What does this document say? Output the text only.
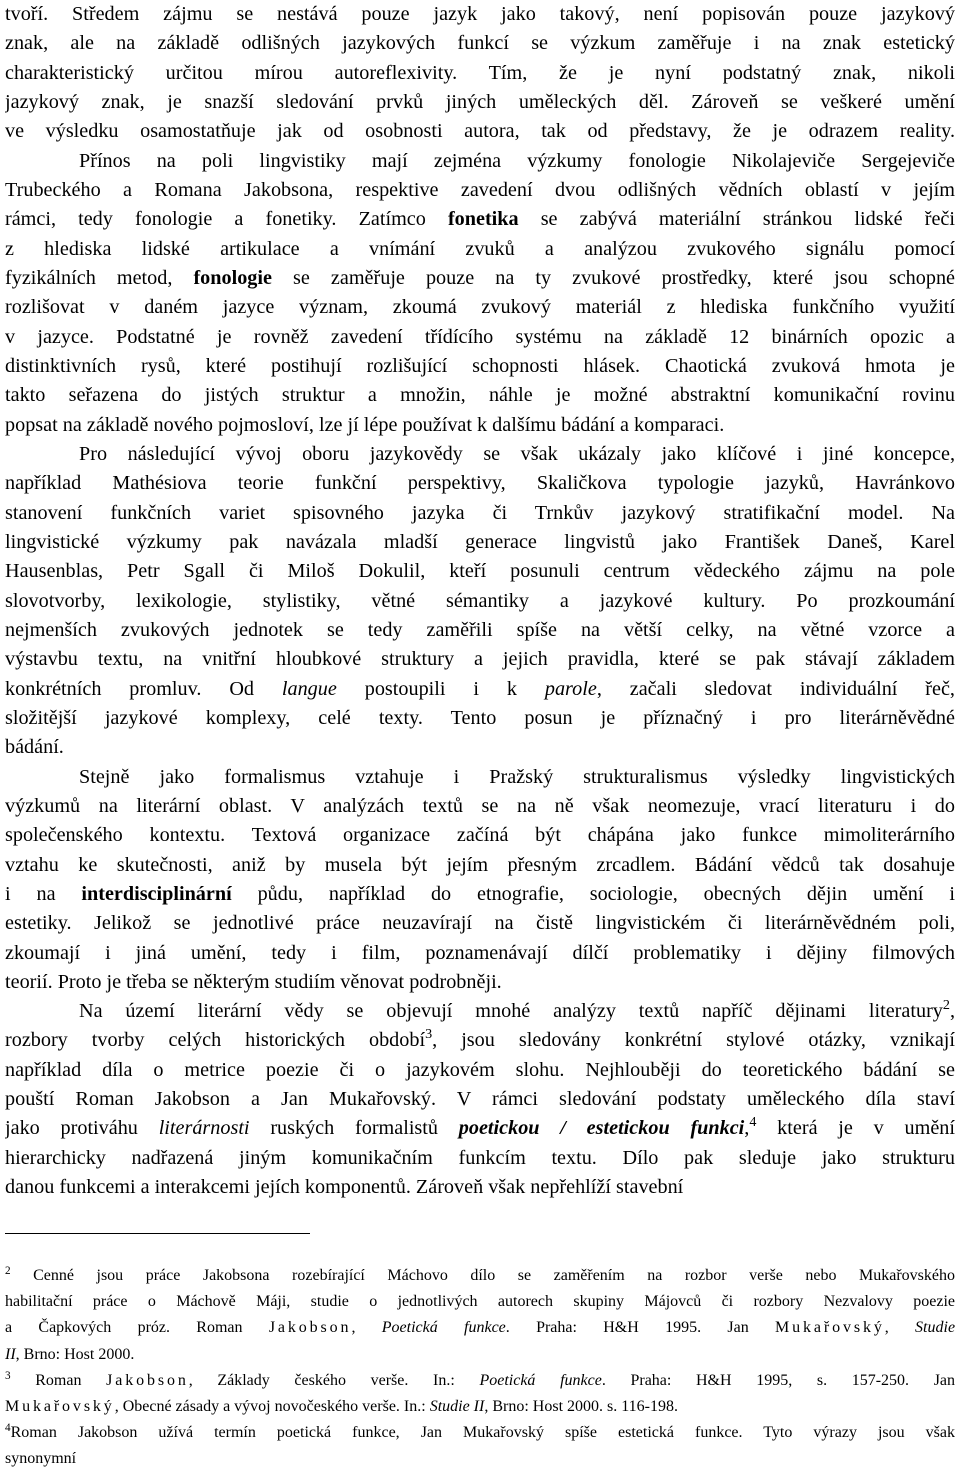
tvoří. Středem zájmu se nestává pouze jazyk jako takový, není popisován pouze jazykový
znak, ale na základě odlišných jazykových funkcí se výzkum zaměřuje i na znak estetický
charakteristický určitou mírou autoreflexivity. Tím, že je nyní podstatný znak, nikoli
jazykový znak, je snazší sledování prvků jiných uměleckých děl. Zároveň se veškeré umění
ve výsledku osamostatňuje jak od osobnosti autora, tak od představy, že je odrazem reality.
Přínos na poli lingvistiky mají zejména výzkumy fonologie Nikolajeviče Sergejeviče
Trubeckého a Romana Jakobsona, respektive zavedení dvou odlišných vědních oblastí v jejím
rámci, tedy fonologie a fonetiky. Zatímco fonetika se zabývá materiální stránkou lidské řeči
z hlediska lidské artikulace a vnímání zvuků a analýzou zvukového signálu pomocí
fyzikálních metod, fonologie se zaměřuje pouze na ty zvukové prostředky, které jsou schopné
rozlišovat v daném jazyce význam, zkoumá zvukový materiál z hlediska funkčního využití
v jazyce. Podstatné je rovněž zavedení třídícího systému na základě 12 binárních opozic a
distinktivních rysů, které postihují rozlišující schopnosti hlásek. Chaotická zvuková hmota je
takto seřazena do jistých struktur a množin, náhle je možné abstraktní komunikační rovinu
popsat na základě nového pojmosloví, lze jí lépe používat k dalšímu bádání a komparaci.
Pro následující vývoj oboru jazykovědy se však ukázaly jako klíčové i jiné koncepce,
například Mathésiova teorie funkční perspektivy, Skaličkova typologie jazyků, Havránkovo
stanovení funkčních variet spisovného jazyka či Trnkův jazykový stratifikační model. Na
lingvistické výzkumy pak navázala mladší generace lingvistů jako František Daneš, Karel
Hausenblas, Petr Sgall či Miloš Dokulil, kteří posunuli centrum vědeckého zájmu na pole
slovotvorby, lexikologie, stylistiky, větné sémantiky a jazykové kultury. Po prozkoumání
nejmenších zvukových jednotek se tedy zaměřili spíše na větší celky, na větné vzorce a
výstavbu textu, na vnitřní hloubkové struktury a jejich pravidla, které se pak stávají základem
konkrétních promluv. Od langue postoupili i k parole, začali sledovat individuální řeč,
složitější jazykové komplexy, celé texty. Tento posun je příznačný i pro literárněvědné
bádání.
Stejně jako formalismus vztahuje i Pražský strukturalismus výsledky lingvistických
výzkumů na literární oblast. V analýzách textů se na ně však neomezuje, vrací literaturu i do
společenského kontextu. Textová organizace začíná být chápána jako funkce mimoliterárního
vztahu ke skutečnosti, aniž by musela být jejím přesným zrcadlem. Bádání vědců tak dosahuje
i na interdisciplinární půdu, například do etnografie, sociologie, obecných dějin umění i
estetiky. Jelikož se jednotlivé práce neuzavírají na čistě lingvistickém či literárněvědném poli,
zkoumají i jiná umění, tedy i film, poznamenávají dílčí problematiky i dějiny filmových
teorií. Proto je třeba se některým studiím věnovat podrobněji.
Na území literární vědy se objevují mnohé analýzy textů napříč dějinami literatury$^2$,
rozbory tvorby celých historických období$^3$, jsou sledovány konkrétní stylové otázky, vznikají
například díla o metrice poezie či o jazykovém slohu. Nejhlouběji do teoretického bádání se
pouští Roman Jakobson a Jan Mukařovský. V rámci sledování podstaty uměleckého díla staví
jako protiváhu literárnosti ruských formalistů poetickou / estetickou funkci,$^4$ která je v umění
hierarchicky nadřazená jiným komunikačním funkcím textu. Dílo pak sleduje jako strukturu
danou funkcemi a interakcemi jejích komponentů. Zároveň však nepřehlíží stavební
$^2$ Cenné jsou práce Jakobsona rozebírající Máchovo dílo se zaměřením na rozbor verše nebo Mukařovského
habilitační práce o Máchově Máji, studie o jednotlivých autorech skupiny Májovců či rozbory Nezvalovy poezie
a Čapkových próz. Roman Jakobson, Poetická funkce. Praha: H&H 1995. Jan Mukařovský, Studie
II, Brno: Host 2000.
$^3$ Roman Jakobson, Základy českého verše. In.: Poetická funkce. Praha: H&H 1995, s. 157-250. Jan
Mukařovský, Obecné zásady a vývoj novočeského verše. In.: Studie II, Brno: Host 2000. s. 116-198.
$^4$Roman Jakobson užívá termín poetická funkce, Jan Mukařovský spíše estetická funkce. Tyto výrazy jsou však
synonymní
